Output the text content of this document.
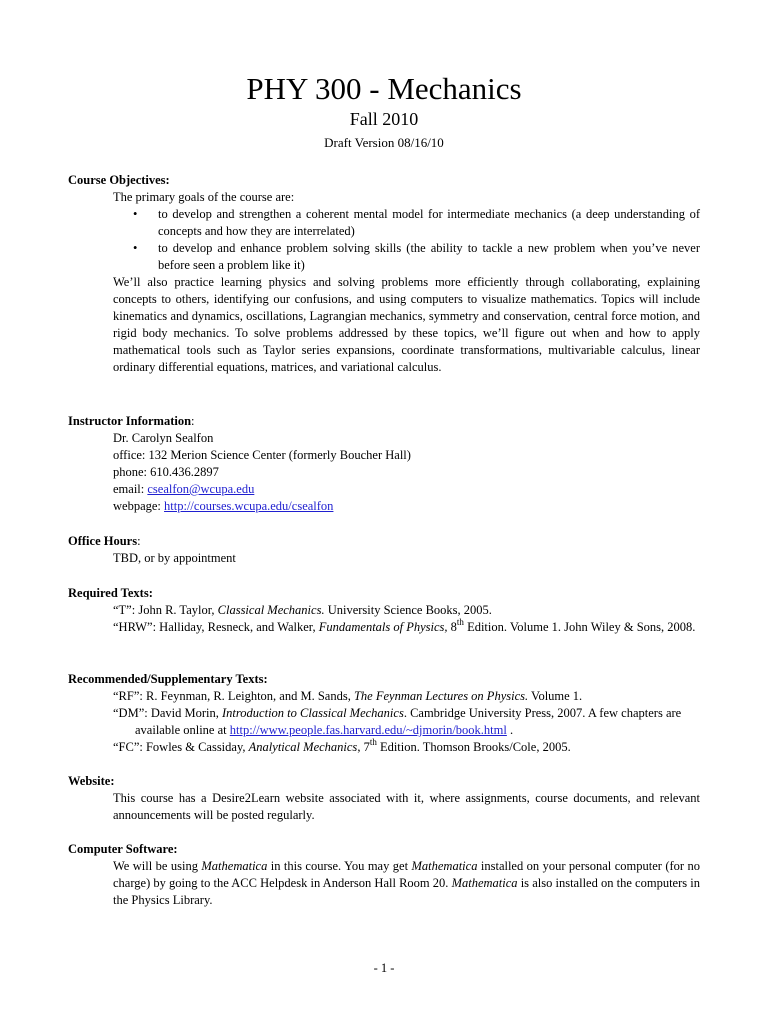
PHY 300 - Mechanics
Fall 2010
Draft Version 08/16/10

Course Objectives:

The primary goals of the course are:

• to develop and strengthen a coherent mental model for intermediate mechanics (a deep understanding of concepts and how they are interrelated)
• to develop and enhance problem solving skills (the ability to tackle a new problem when you’ve never before seen a problem like it)

We’ll also practice learning physics and solving problems more efficiently through collaborating, explaining concepts to others, identifying our confusions, and using computers to visualize mathematics. Topics will include kinematics and dynamics, oscillations, Lagrangian mechanics, symmetry and conservation, central force motion, and rigid body mechanics. To solve problems addressed by these topics, we’ll figure out when and how to apply mathematical tools such as Taylor series expansions, coordinate transformations, multivariable calculus, linear ordinary differential equations, matrices, and variational calculus.

Instructor Information:

Dr. Carolyn Sealfon

office: 132 Merion Science Center (formerly Boucher Hall)

phone: 610.436.2897

email: csealfon@wcupa.edu

webpage: http://courses.wcupa.edu/csealfon

Office Hours:

TBD, or by appointment

Required Texts:

“T”: John R. Taylor, Classical Mechanics. University Science Books, 2005.

“HRW”: Halliday, Resneck, and Walker, Fundamentals of Physics, 8th Edition. Volume 1. John Wiley & Sons, 2008.

Recommended/Supplementary Texts:

“RF”: R. Feynman, R. Leighton, and M. Sands, The Feynman Lectures on Physics. Volume 1.

“DM”: David Morin, Introduction to Classical Mechanics. Cambridge University Press, 2007. A few chapters are available online at http://www.people.fas.harvard.edu/~djmorin/book.html .

“FC”: Fowles & Cassiday, Analytical Mechanics, 7th Edition. Thomson Brooks/Cole, 2005.

Website:

This course has a Desire2Learn website associated with it, where assignments, course documents, and relevant announcements will be posted regularly.

Computer Software:

We will be using Mathematica in this course. You may get Mathematica installed on your personal computer (for no charge) by going to the ACC Helpdesk in Anderson Hall Room 20. Mathematica is also installed on the computers in the Physics Library.

- 1 -
